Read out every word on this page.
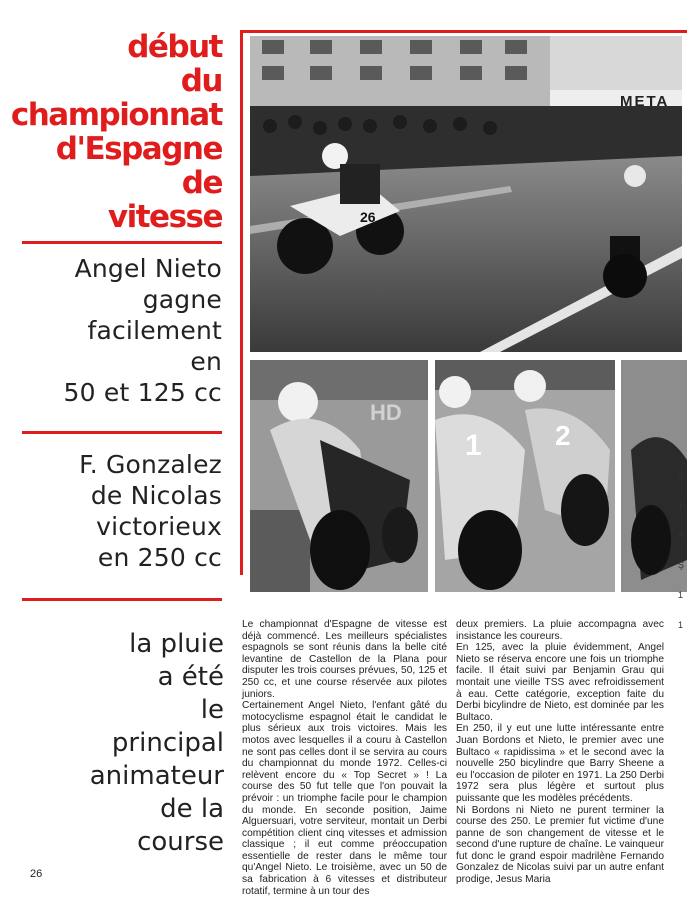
début
du
championnat
d'Espagne
de
vitesse
Angel Nieto
gagne
facilement
en
50 et 125 cc
F. Gonzalez
de Nicolas
victorieux
en 250 cc
la pluie
a été
le
principal
animateur
de la
course
26
META
HD
1	2
3
1
A
Ş
1
1

Le championnat d'Espagne de vitesse est déjà commencé. Les meilleurs spécialistes espagnols se sont réunis dans la belle cité levantine de Castellon de la Plana pour disputer les trois courses prévues, 50, 125 et 250 cc, et une course réservée aux pilotes juniors.

Certainement Angel Nieto, l'enfant gâté du motocyclisme espagnol était le candidat le plus sérieux aux trois victoires. Mais les motos avec lesquelles il a couru à Castellon ne sont pas celles dont il se servira au cours du championnat du monde 1972. Celles-ci relèvent encore du « Top Secret » ! La course des 50 fut telle que l'on pouvait la prévoir : un triomphe facile pour le champion du monde. En seconde position, Jaime Alguersuari, votre serviteur, montait un Derbi compétition client cinq vitesses et admission classique ; il eut comme préoccupation essentielle de rester dans le même tour qu'Angel Nieto. Le troisième, avec un 50 de sa fabrication à 6 vitesses et distributeur rotatif, termine à un tour des

deux premiers. La pluie accompagna avec insistance les coureurs.

En 125, avec la pluie évidemment, Angel Nieto se réserva encore une fois un triomphe facile. Il était suivi par Benjamin Grau qui montait une vieille TSS avec refroidissement à eau. Cette catégorie, exception faite du Derbi bicylindre de Nieto, est dominée par les Bultaco.

En 250, il y eut une lutte intéressante entre Juan Bordons et Nieto, le premier avec une Bultaco « rapidissima » et le second avec la nouvelle 250 bicylindre que Barry Sheene a eu l'occasion de piloter en 1971. La 250 Derbi 1972 sera plus légère et surtout plus puissante que les modèles précédents.

Ni Bordons ni Nieto ne purent terminer la course des 250. Le premier fut victime d'une panne de son changement de vitesse et le second d'une rupture de chaîne. Le vainqueur fut donc le grand espoir madrilène Fernando Gonzalez de Nicolas suivi par un autre enfant prodige, Jesus Maria

26
